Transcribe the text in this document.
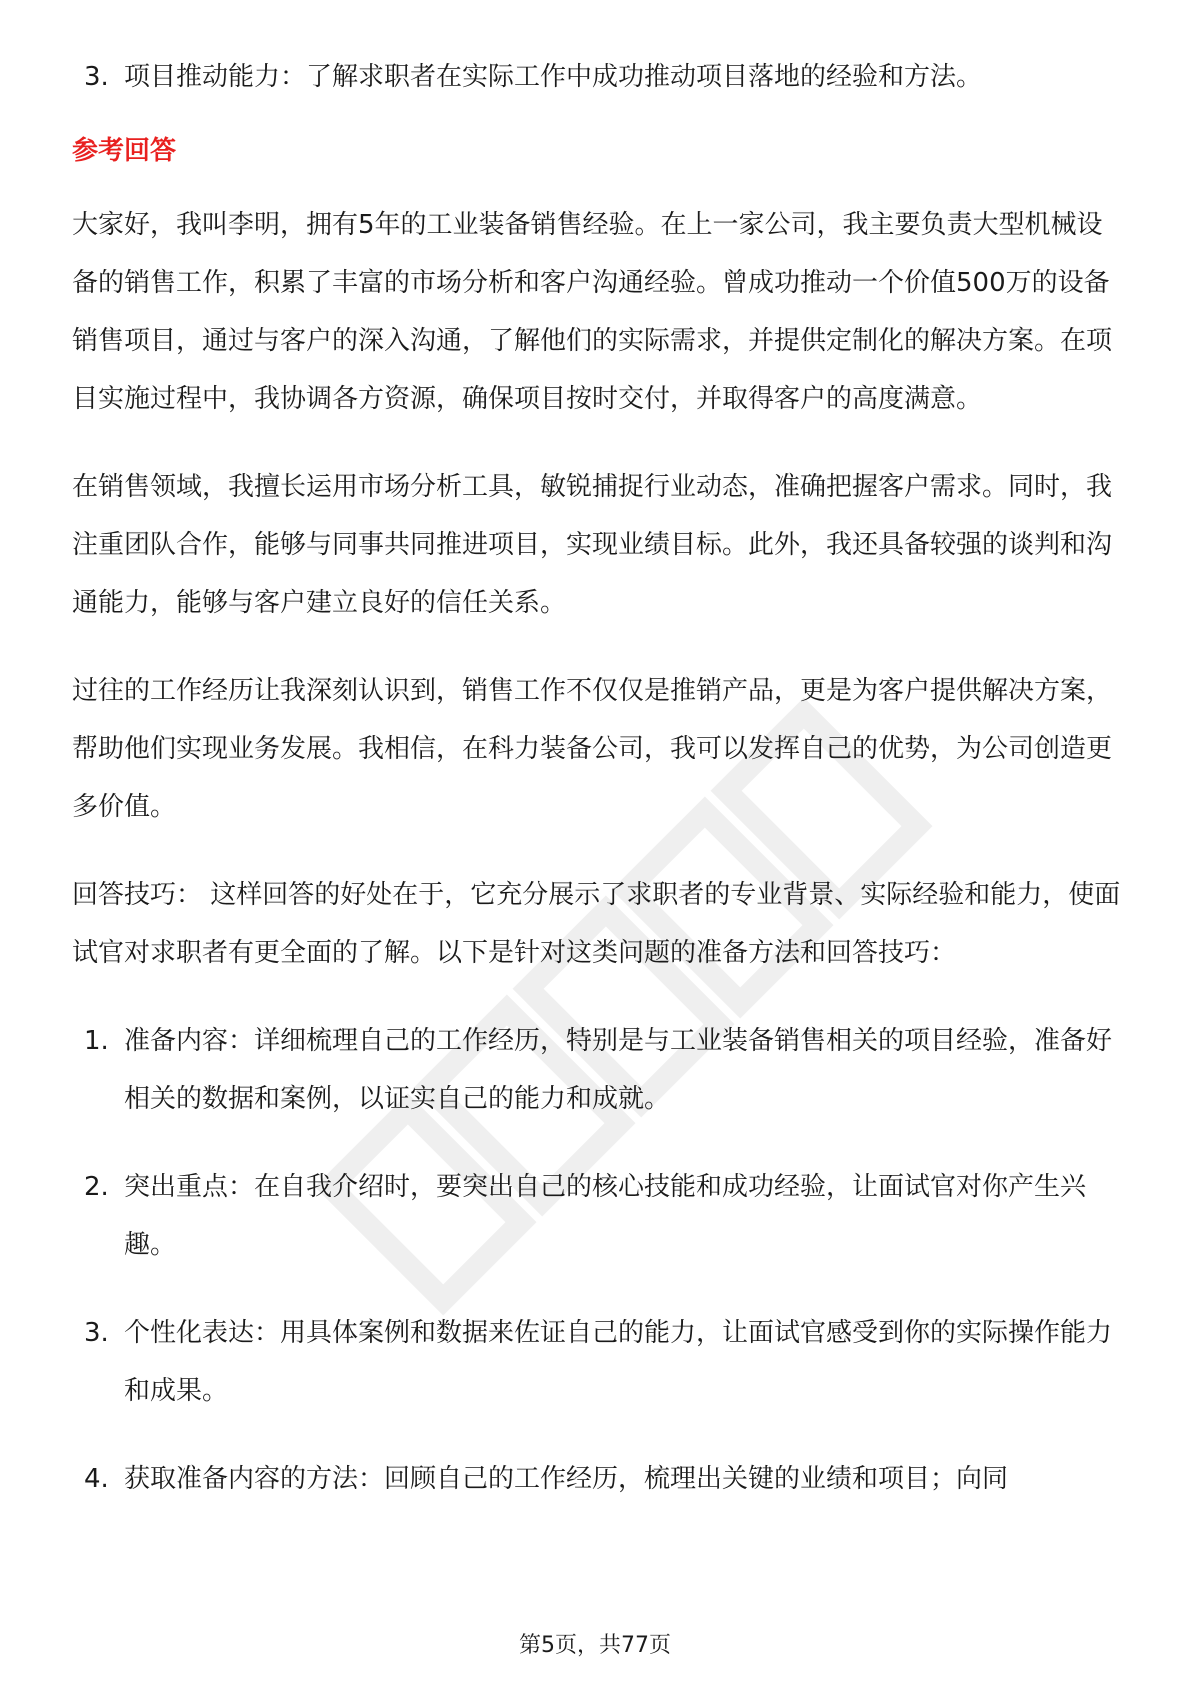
3. 项目推动能力：了解求职者在实际工作中成功推动项目落地的经验和方法。
参考回答

大家好，我叫李明，拥有5年的工业装备销售经验。在上一家公司，我主要负责大型机械设备的销售工作，积累了丰富的市场分析和客户沟通经验。曾成功推动一个价值500万的设备销售项目，通过与客户的深入沟通，了解他们的实际需求，并提供定制化的解决方案。在项目实施过程中，我协调各方资源，确保项目按时交付，并取得客户的高度满意。

在销售领域，我擅长运用市场分析工具，敏锐捕捉行业动态，准确把握客户需求。同时，我注重团队合作，能够与同事共同推进项目，实现业绩目标。此外，我还具备较强的谈判和沟通能力，能够与客户建立良好的信任关系。

过往的工作经历让我深刻认识到，销售工作不仅仅是推销产品，更是为客户提供解决方案，帮助他们实现业务发展。我相信，在科力装备公司，我可以发挥自己的优势，为公司创造更多价值。

回答技巧： 这样回答的好处在于，它充分展示了求职者的专业背景、实际经验和能力，使面试官对求职者有更全面的了解。以下是针对这类问题的准备方法和回答技巧：

1. 准备内容：详细梳理自己的工作经历，特别是与工业装备销售相关的项目经验，准备好相关的数据和案例，以证实自己的能力和成就。
2. 突出重点：在自我介绍时，要突出自己的核心技能和成功经验，让面试官对你产生兴趣。
3. 个性化表达：用具体案例和数据来佐证自己的能力，让面试官感受到你的实际操作能力和成果。
4. 获取准备内容的方法：回顾自己的工作经历，梳理出关键的业绩和项目；向同
第5页，共77页
